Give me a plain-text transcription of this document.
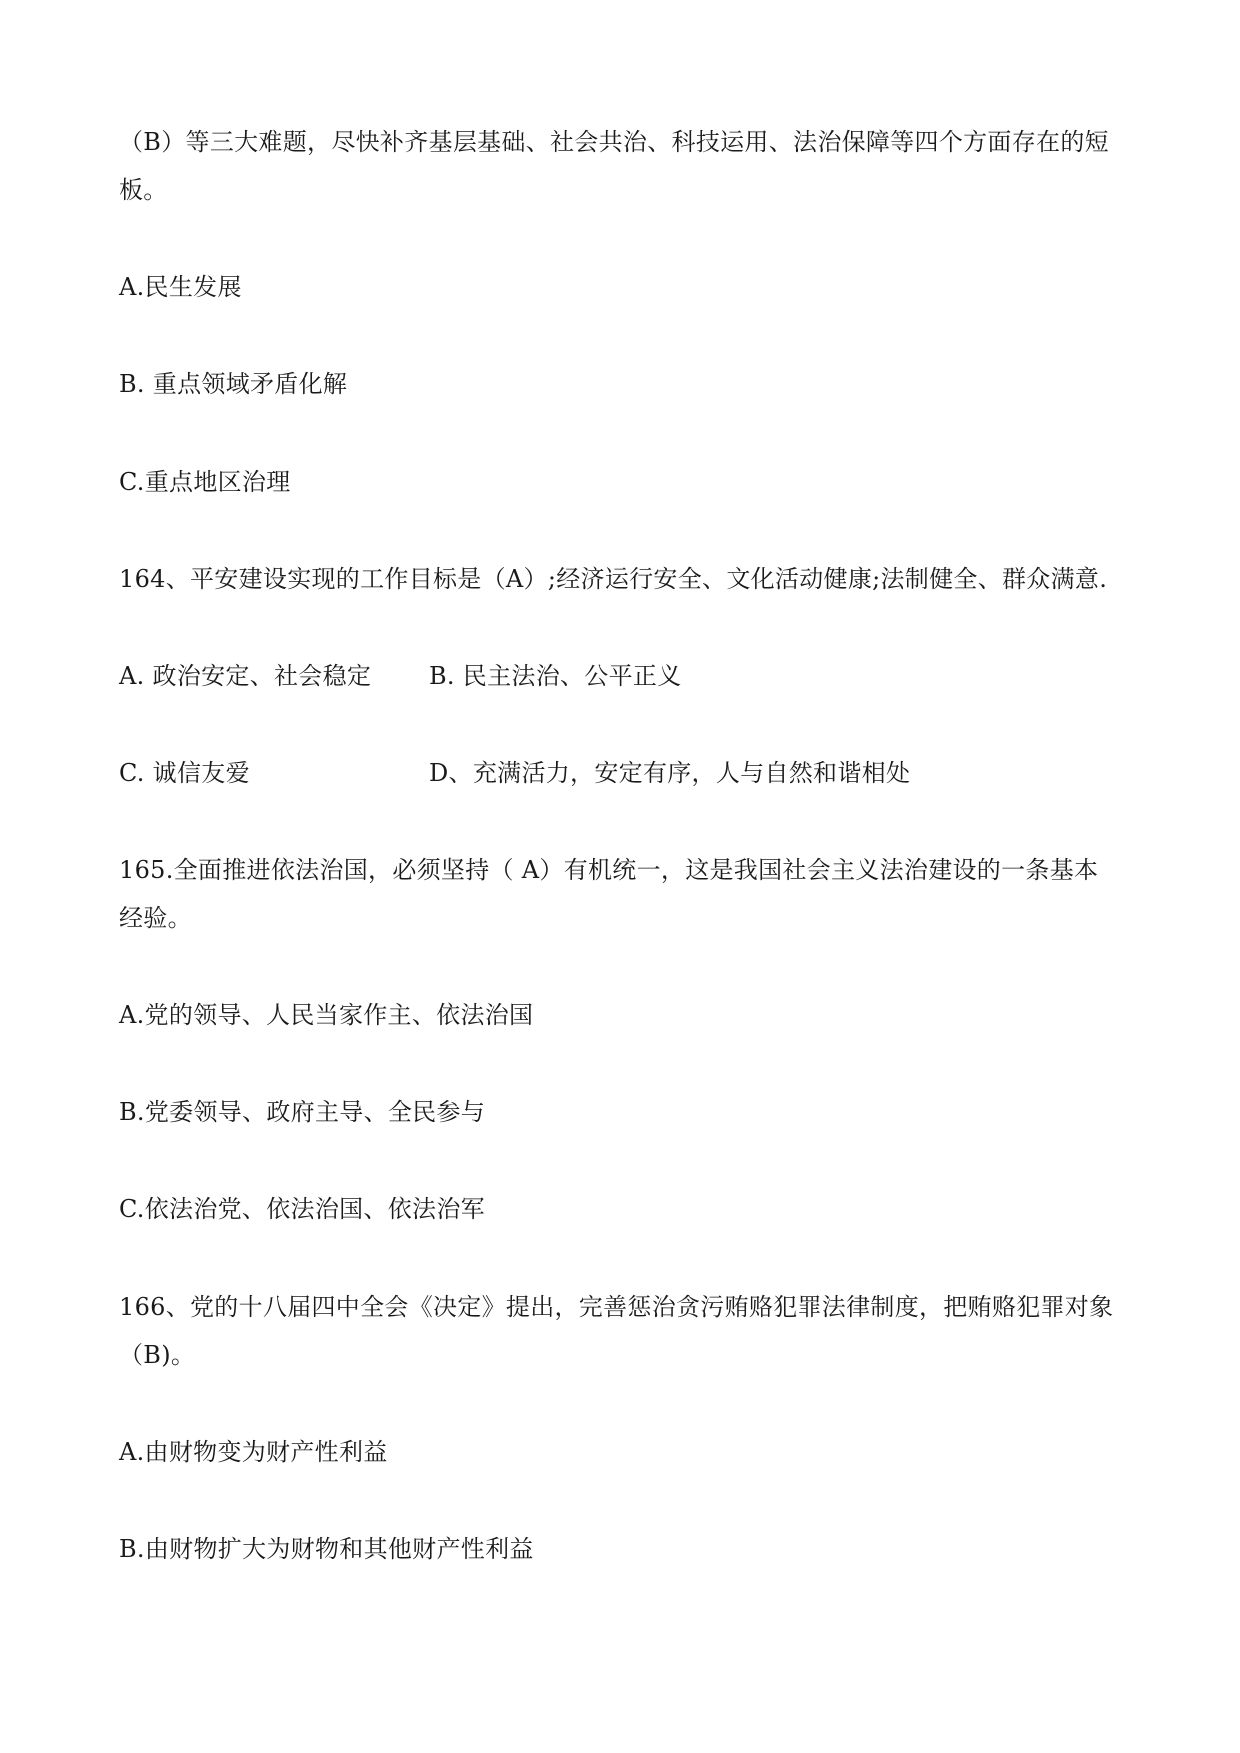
（B）等三大难题，尽快补齐基层基础、社会共治、科技运用、法治保障等四个方面存在的短
板。
A.民生发展
B. 重点领域矛盾化解
C.重点地区治理
164、平安建设实现的工作目标是（A）;经济运行安全、文化活动健康;法制健全、群众满意.
A. 政治安定、社会稳定 B. 民主法治、公平正义
C. 诚信友爱	D、充满活力，安定有序，人与自然和谐相处
165.全面推进依法治国，必须坚持（ A）有机统一，这是我国社会主义法治建设的一条基本
经验。
A.党的领导、人民当家作主、依法治国
B.党委领导、政府主导、全民参与
C.依法治党、依法治国、依法治军
166、党的十八届四中全会《决定》提出，完善惩治贪污贿赂犯罪法律制度，把贿赂犯罪对象
（B)。
A.由财物变为财产性利益
B.由财物扩大为财物和其他财产性利益
